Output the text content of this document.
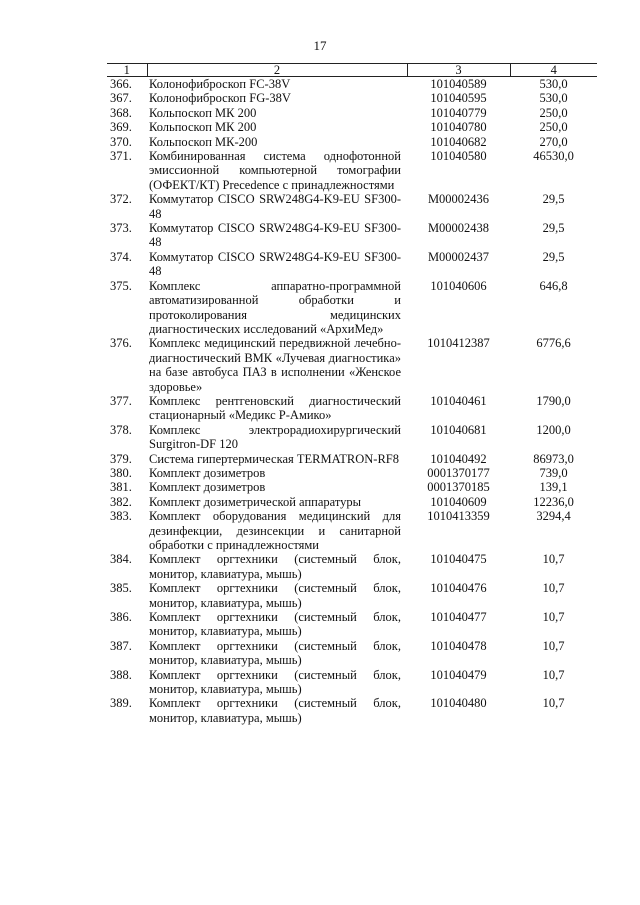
17
1	2	3	4
366.	Колонофиброскоп FC-38V	101040589	530,0
367.	Колонофиброскоп FG-38V	101040595	530,0
368.	Кольпоскоп МК 200	101040779	250,0
369.	Кольпоскоп МК 200	101040780	250,0
370.	Кольпоскоп МК-200	101040682	270,0
371.	Комбинированная система однофотонной эмиссионной компьютерной томографии (ОФЕКТ/КТ) Precedence с принадлежностями	101040580	46530,0
372.	Коммутатор CISCO SRW248G4-K9-EU SF300-48	M00002436	29,5
373.	Коммутатор CISCO SRW248G4-K9-EU SF300-48	M00002438	29,5
374.	Коммутатор CISCO SRW248G4-K9-EU SF300-48	M00002437	29,5
375.	Комплекс аппаратно-программной автоматизированной обработки и протоколирования медицинских диагностических исследований «АрхиМед»	101040606	646,8
376.	Комплекс медицинский передвижной лечебно-диагностический ВМК «Лучевая диагностика» на базе автобуса ПАЗ в исполнении «Женское здоровье»	1010412387	6776,6
377.	Комплекс рентгеновский диагностический стационарный «Медикс Р-Амико»	101040461	1790,0
378.	Комплекс электрорадиохирургический Surgitron-DF 120	101040681	1200,0
379.	Система гипертермическая TERMATRON-RF8	101040492	86973,0
380.	Комплект дозиметров	0001370177	739,0
381.	Комплект дозиметров	0001370185	139,1
382.	Комплект дозиметрической аппаратуры	101040609	12236,0
383.	Комплект оборудования медицинский для дезинфекции, дезинсекции и санитарной обработки с принадлежностями	1010413359	3294,4
384.	Комплект оргтехники (системный блок, монитор, клавиатура, мышь)	101040475	10,7
385.	Комплект оргтехники (системный блок, монитор, клавиатура, мышь)	101040476	10,7
386.	Комплект оргтехники (системный блок, монитор, клавиатура, мышь)	101040477	10,7
387.	Комплект оргтехники (системный блок, монитор, клавиатура, мышь)	101040478	10,7
388.	Комплект оргтехники (системный блок, монитор, клавиатура, мышь)	101040479	10,7
389.	Комплект оргтехники (системный блок, монитор, клавиатура, мышь)	101040480	10,7
